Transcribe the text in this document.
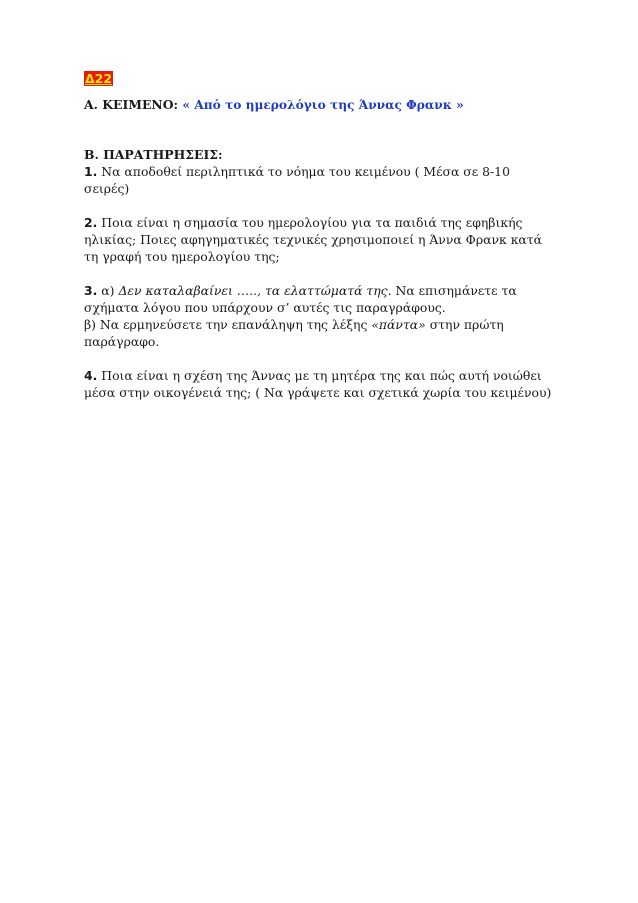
Δ22
Α. ΚΕΙΜΕΝΟ: « Από το ημερολόγιο της Άννας Φρανκ »
Β. ΠΑΡΑΤΗΡΗΣΕΙΣ:

1. Να αποδοθεί περιληπτικά το νόημα του κειμένου ( Μέσα σε 8-10 σειρές)

2. Ποια είναι η σημασία του ημερολογίου για τα παιδιά της εφηβικής ηλικίας; Ποιες αφηγηματικές τεχνικές χρησιμοποιεί η Άννα Φρανκ κατά τη γραφή του ημερολογίου της;

3. α) Δεν καταλαβαίνει ….., τα ελαττώματά της. Να επισημάνετε τα σχήματα λόγου που υπάρχουν σ’ αυτές τις παραγράφους.

β) Να ερμηνεύσετε την επανάληψη της λέξης «πάντα» στην πρώτη παράγραφο.

4. Ποια είναι η σχέση της Άννας με τη μητέρα της και πώς αυτή νοιώθει μέσα στην οικογένειά της; ( Να γράψετε και σχετικά χωρία του κειμένου)
